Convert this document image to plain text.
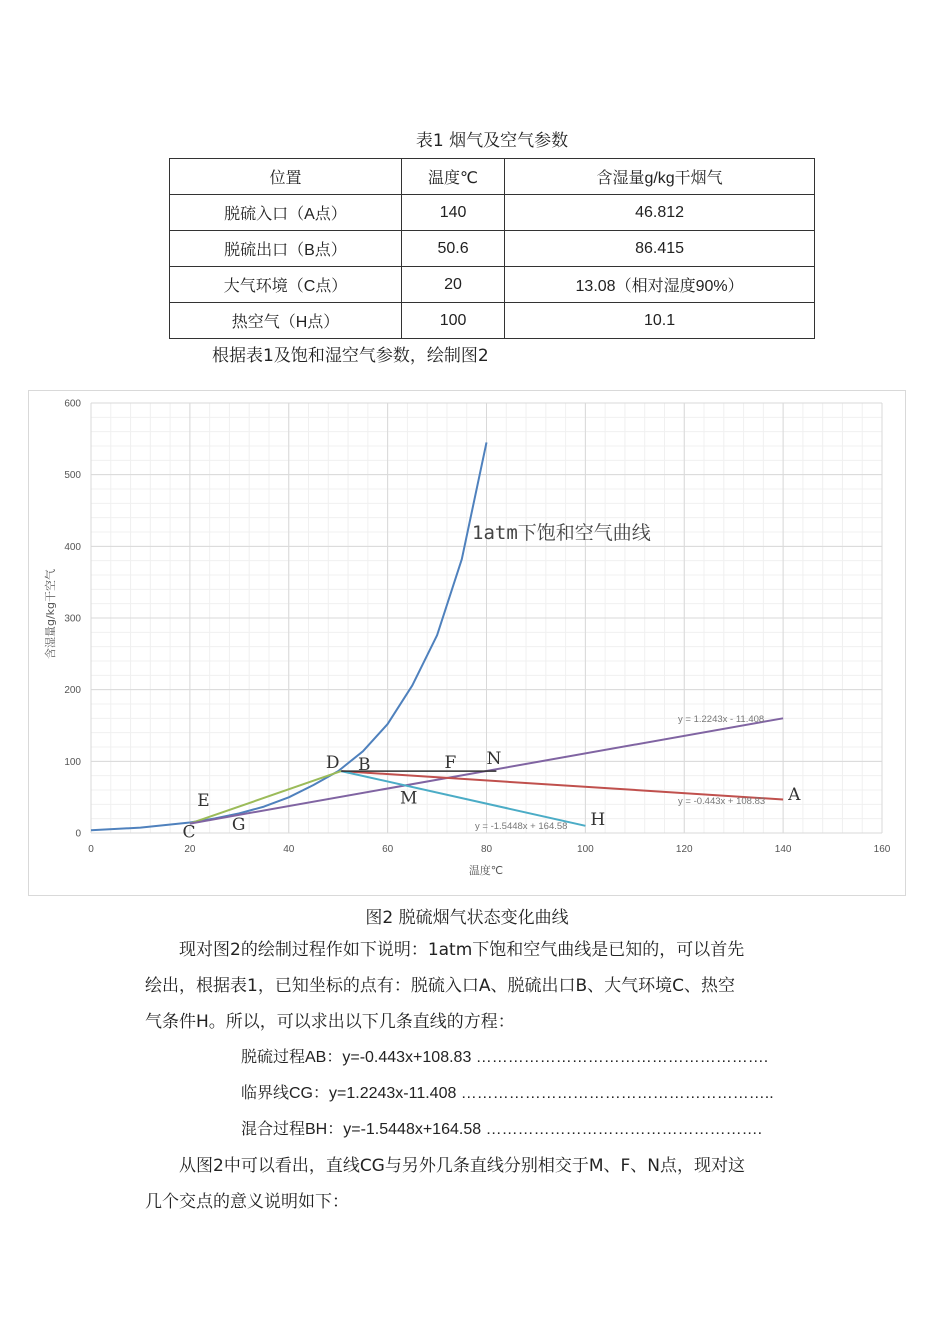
表1 烟气及空气参数
位置	温度℃	含湿量g/kg干烟气
脱硫入口（A点）	140	46.812
脱硫出口（B点）	50.6	86.415
大气环境（C点）	20	13.08（相对湿度90%）
热空气（H点）	100	10.1
根据表1及饱和湿空气参数，绘制图2
0	20	40	60	80	100	120	140	160
0
100
200
300
400
500
600
A
B
C
D
E
F
G	H
M
N
温度℃
含湿量g/kg干空气
1atm下饱和空气曲线
y = 1.2243x - 11.408
y = -0.443x + 108.83
y = -1.5448x + 164.58
图2 脱硫烟气状态变化曲线
现对图2的绘制过程作如下说明：1atm下饱和空气曲线是已知的，可以首先
绘出，根据表1，已知坐标的点有：脱硫入口A、脱硫出口B、大气环境C、热空
气条件H。所以，可以求出以下几条直线的方程：
脱硫过程AB：y=-0.443x+108.83 ……………………………………………….
临界线CG：y=1.2243x-11.408 …………………………………………………..
混合过程BH：y=-1.5448x+164.58 …………………………………………….
从图2中可以看出，直线CG与另外几条直线分别相交于M、F、N点，现对这
几个交点的意义说明如下：
